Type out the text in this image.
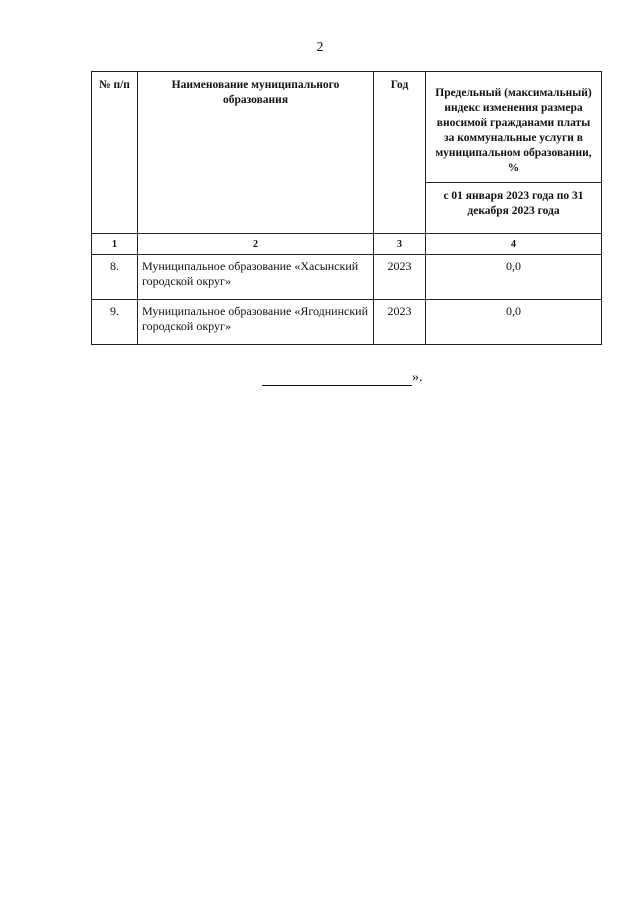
2
№ п/п	Наименование муниципального образования	Год	Предельный (максимальный) индекс изменения размера вносимой гражданами платы за коммунальные услуги в муниципальном образовании, %
			с 01 января 2023 года по 31 декабря 2023 года
1	2	3	4
8.	Муниципальное образование «Хасынский городской округ»	2023	0,0
9.	Муниципальное образование «Ягоднинский городской округ»	2023	0,0
».
